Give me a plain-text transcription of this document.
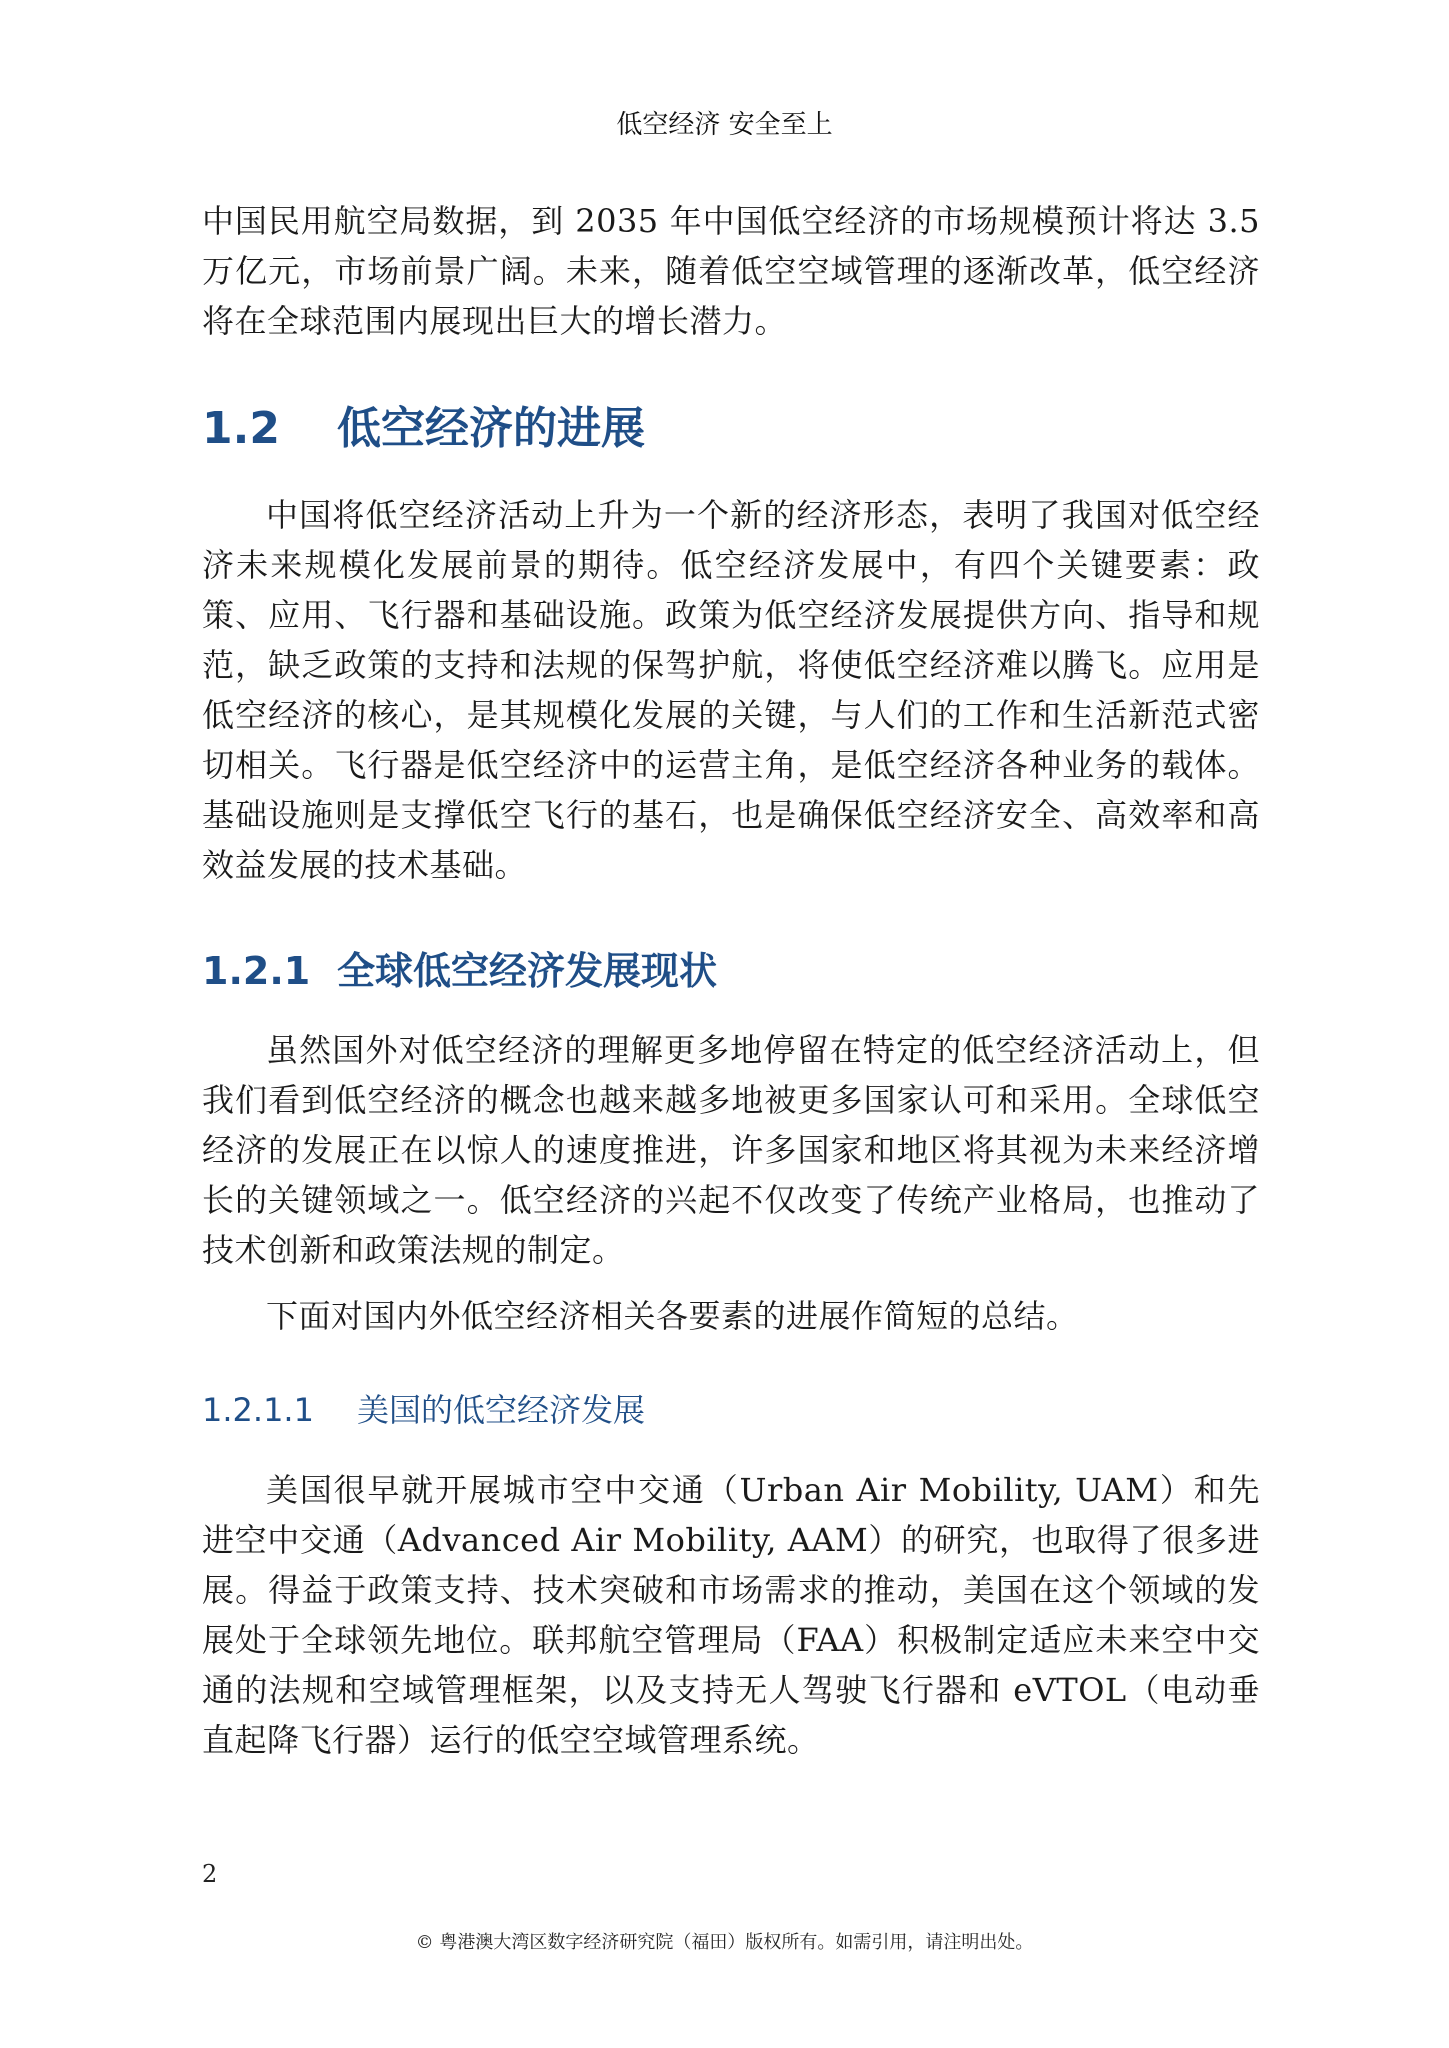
低空经济 安全至上

中国民用航空局数据，到 2035 年中国低空经济的市场规模预计将达 3.5 万亿元，市场前景广阔。未来，随着低空空域管理的逐渐改革，低空经济将在全球范围内展现出巨大的增长潜力。

1.2	低空经济的进展

中国将低空经济活动上升为一个新的经济形态，表明了我国对低空经济未来规模化发展前景的期待。低空经济发展中，有四个关键要素：政策、应用、飞行器和基础设施。政策为低空经济发展提供方向、指导和规范，缺乏政策的支持和法规的保驾护航，将使低空经济难以腾飞。应用是低空经济的核心，是其规模化发展的关键，与人们的工作和生活新范式密切相关。飞行器是低空经济中的运营主角，是低空经济各种业务的载体。基础设施则是支撑低空飞行的基石，也是确保低空经济安全、高效率和高效益发展的技术基础。

1.2.1 全球低空经济发展现状

虽然国外对低空经济的理解更多地停留在特定的低空经济活动上，但我们看到低空经济的概念也越来越多地被更多国家认可和采用。全球低空经济的发展正在以惊人的速度推进，许多国家和地区将其视为未来经济增长的关键领域之一。低空经济的兴起不仅改变了传统产业格局，也推动了技术创新和政策法规的制定。

下面对国内外低空经济相关各要素的进展作简短的总结。

1.2.1.1	美国的低空经济发展

美国很早就开展城市空中交通（Urban Air Mobility, UAM）和先进空中交通（Advanced Air Mobility, AAM）的研究，也取得了很多进展。得益于政策支持、技术突破和市场需求的推动，美国在这个领域的发展处于全球领先地位。联邦航空管理局（FAA）积极制定适应未来空中交通的法规和空域管理框架，以及支持无人驾驶飞行器和 eVTOL（电动垂直起降飞行器）运行的低空空域管理系统。

2
© 粤港澳大湾区数字经济研究院（福田）版权所有。如需引用，请注明出处。
